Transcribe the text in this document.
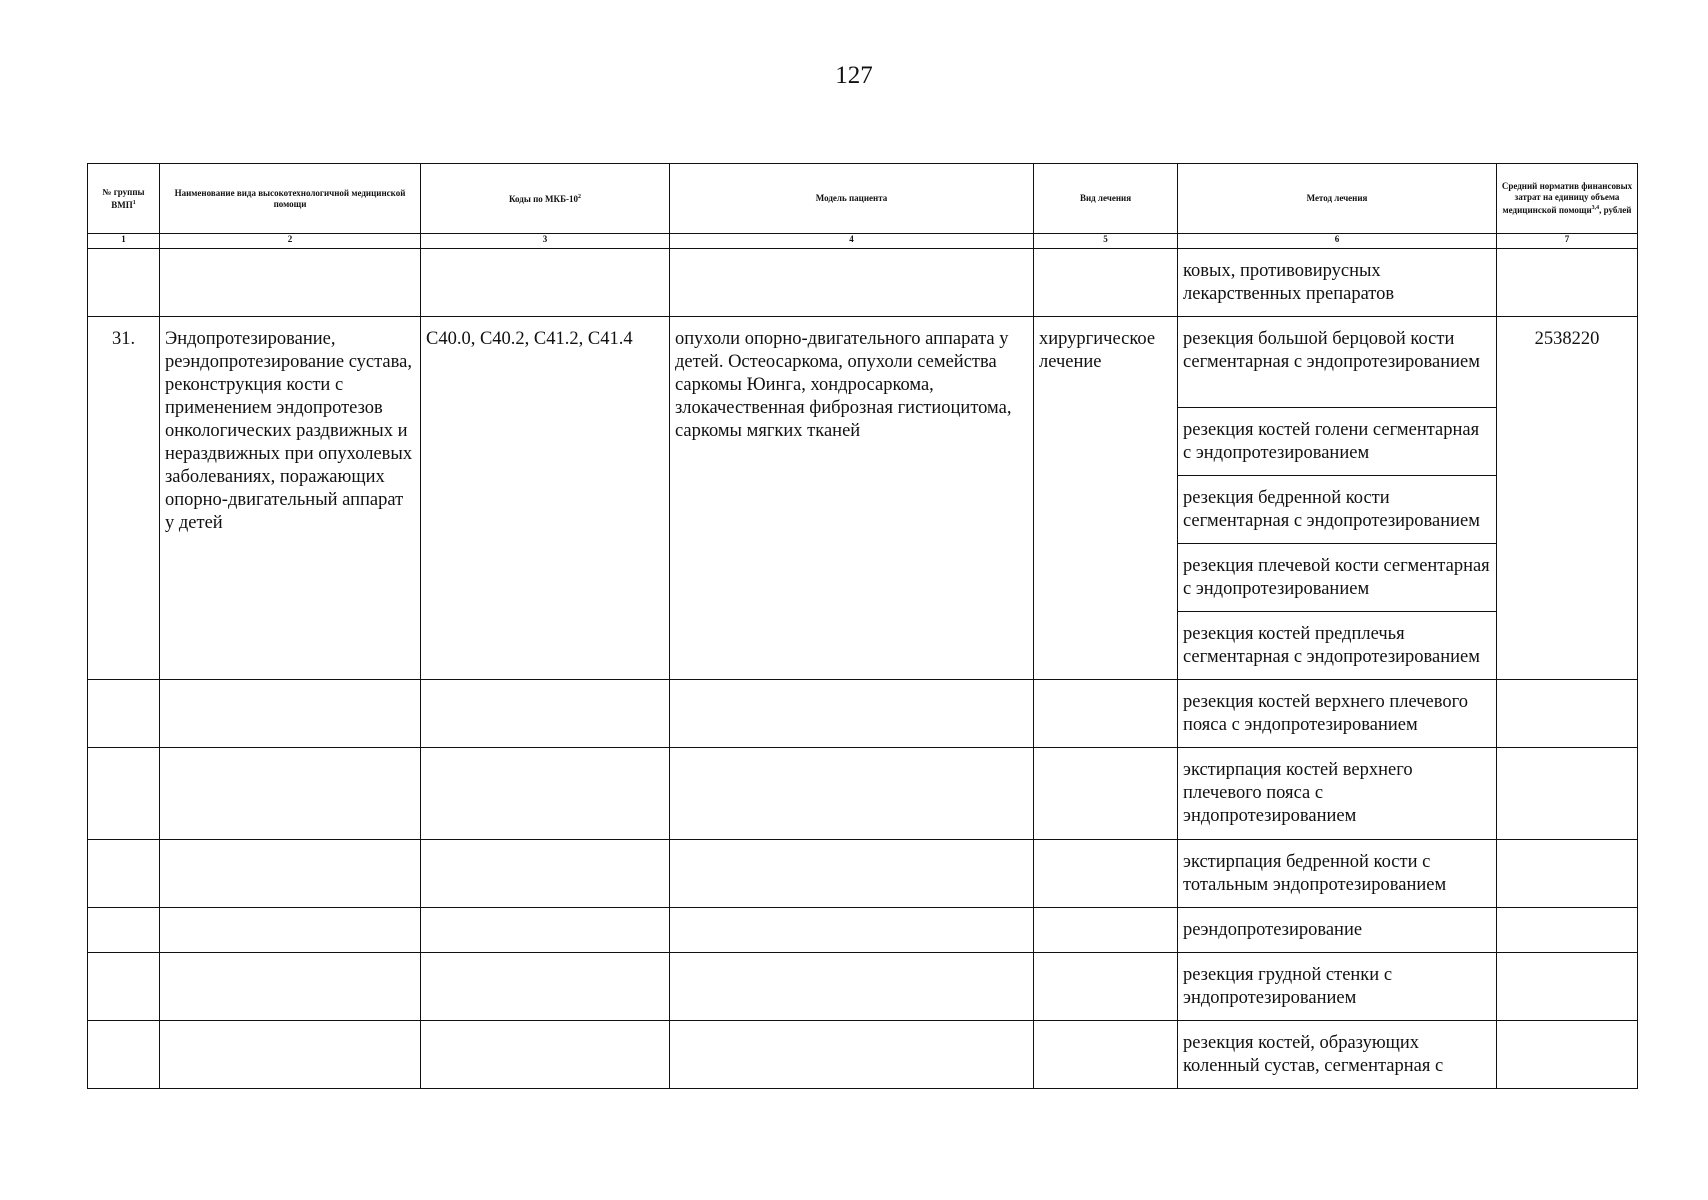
127
№ группы ВМП$^1$	Наименование вида высокотехнологичной медицинской помощи	Коды по МКБ-$10^2$	Модель пациента	Вид лечения	Метод лечения	Средний норматив финансовых затрат на единицу объема медицинской помощи$^{3,4}$, рублей
1	2	3	4	5	6	7
					ковых, противовирусных лекарственных препаратов	
31.	Эндопротезирование, реэндопротезирование сустава, реконструкция кости с применением эндопротезов онкологических раздвижных и нераздвижных при опухолевых заболеваниях, поражающих опорно-двигательный аппарат у детей	C40.0, C40.2, C41.2, C41.4	опухоли опорно-двигательного аппарата у детей. Остеосаркома, опухоли семейства саркомы Юинга, хондросаркома, злокачественная фиброзная гистиоцитома, саркомы мягких тканей	хирургическое лечение	резекция большой берцовой кости сегментарная с эндопротезированием	2538220
					резекция костей голени сегментарная с эндопротезированием	
					резекция бедренной кости сегментарная с эндопротезированием	
					резекция плечевой кости сегментарная с эндопротезированием	
					резекция костей предплечья сегментарная с эндопротезированием	
					резекция костей верхнего плечевого пояса с эндопротезированием	
					экстирпация костей верхнего плечевого пояса с эндопротезированием	
					экстирпация бедренной кости с тотальным эндопротезированием	
					реэндопротезирование	
					резекция грудной стенки с эндопротезированием	
					резекция костей, образующих коленный сустав, сегментарная с	
